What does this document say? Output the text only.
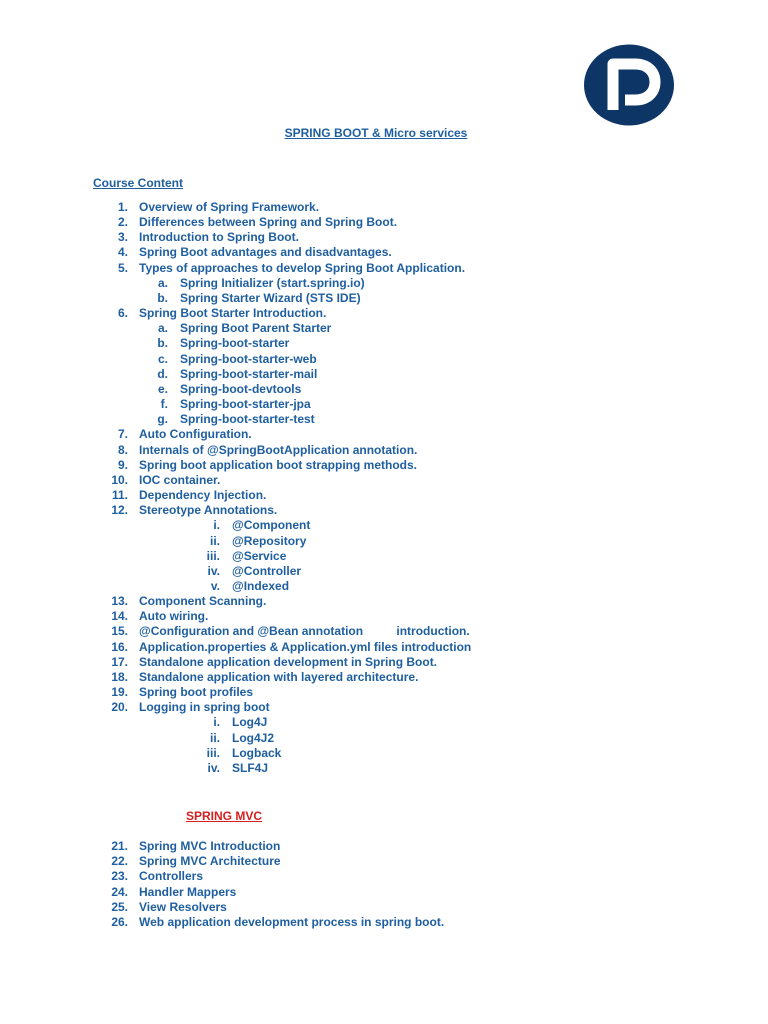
SPRING BOOT & Micro services
Course Content
1. Overview of Spring Framework.
2. Differences between Spring and Spring Boot.
3. Introduction to Spring Boot.
4. Spring Boot advantages and disadvantages.
5. Types of approaches to develop Spring Boot Application.
a. Spring Initializer (start.spring.io)
b. Spring Starter Wizard (STS IDE)
6. Spring Boot Starter Introduction.
a. Spring Boot Parent Starter
b. Spring-boot-starter
c. Spring-boot-starter-web
d. Spring-boot-starter-mail
e. Spring-boot-devtools
f. Spring-boot-starter-jpa
g. Spring-boot-starter-test
7. Auto Configuration.
8. Internals of @SpringBootApplication annotation.
9. Spring boot application boot strapping methods.
10. IOC container.
11. Dependency Injection.
12. Stereotype Annotations.
i. @Component
ii. @Repository
iii. @Service
iv. @Controller
v. @Indexed
13. Component Scanning.
14. Auto wiring.
15. @Configuration and @Bean annotation          introduction.
16. Application.properties & Application.yml files introduction
17. Standalone application development in Spring Boot.
18. Standalone application with layered architecture.
19. Spring boot profiles
20. Logging in spring boot
i. Log4J
ii. Log4J2
iii. Logback
iv. SLF4J
SPRING MVC
21. Spring MVC Introduction
22. Spring MVC Architecture
23. Controllers
24. Handler Mappers
25. View Resolvers
26. Web application development process in spring boot.
